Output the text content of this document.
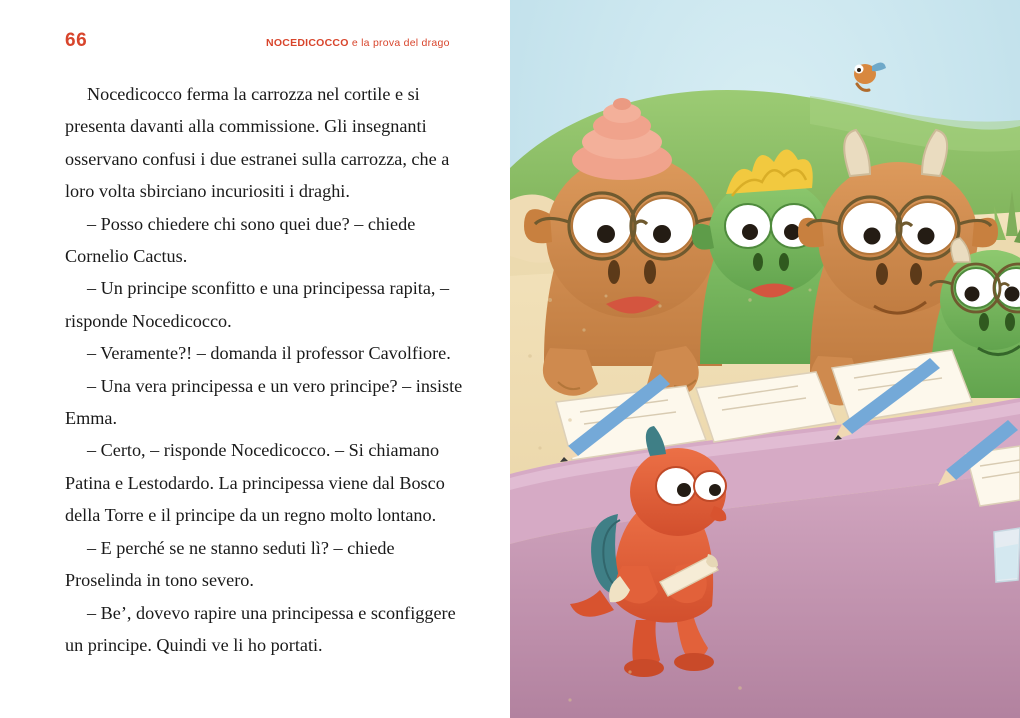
66	NOCEDICOCCO e la prova del drago

Nocedicocco ferma la carrozza nel cortile e si presenta davanti alla commissione. Gli insegnanti osservano confusi i due estranei sulla carrozza, che a loro volta sbirciano incuriositi i draghi.

– Posso chiedere chi sono quei due? – chiede Cornelio Cactus.

– Un principe sconfitto e una principessa rapita, – risponde Nocedicocco.

– Veramente?! – domanda il professor Cavolfiore.

– Una vera principessa e un vero principe? – insiste Emma.

– Certo, – risponde Nocedicocco. – Si chiamano Patina e Lestodardo. La principessa viene dal Bosco della Torre e il principe da un regno molto lontano.

– E perché se ne stanno seduti lì? – chiede Proselinda in tono severo.

– Be’, dovevo rapire una principessa e sconfiggere un principe. Quindi ve li ho portati.
